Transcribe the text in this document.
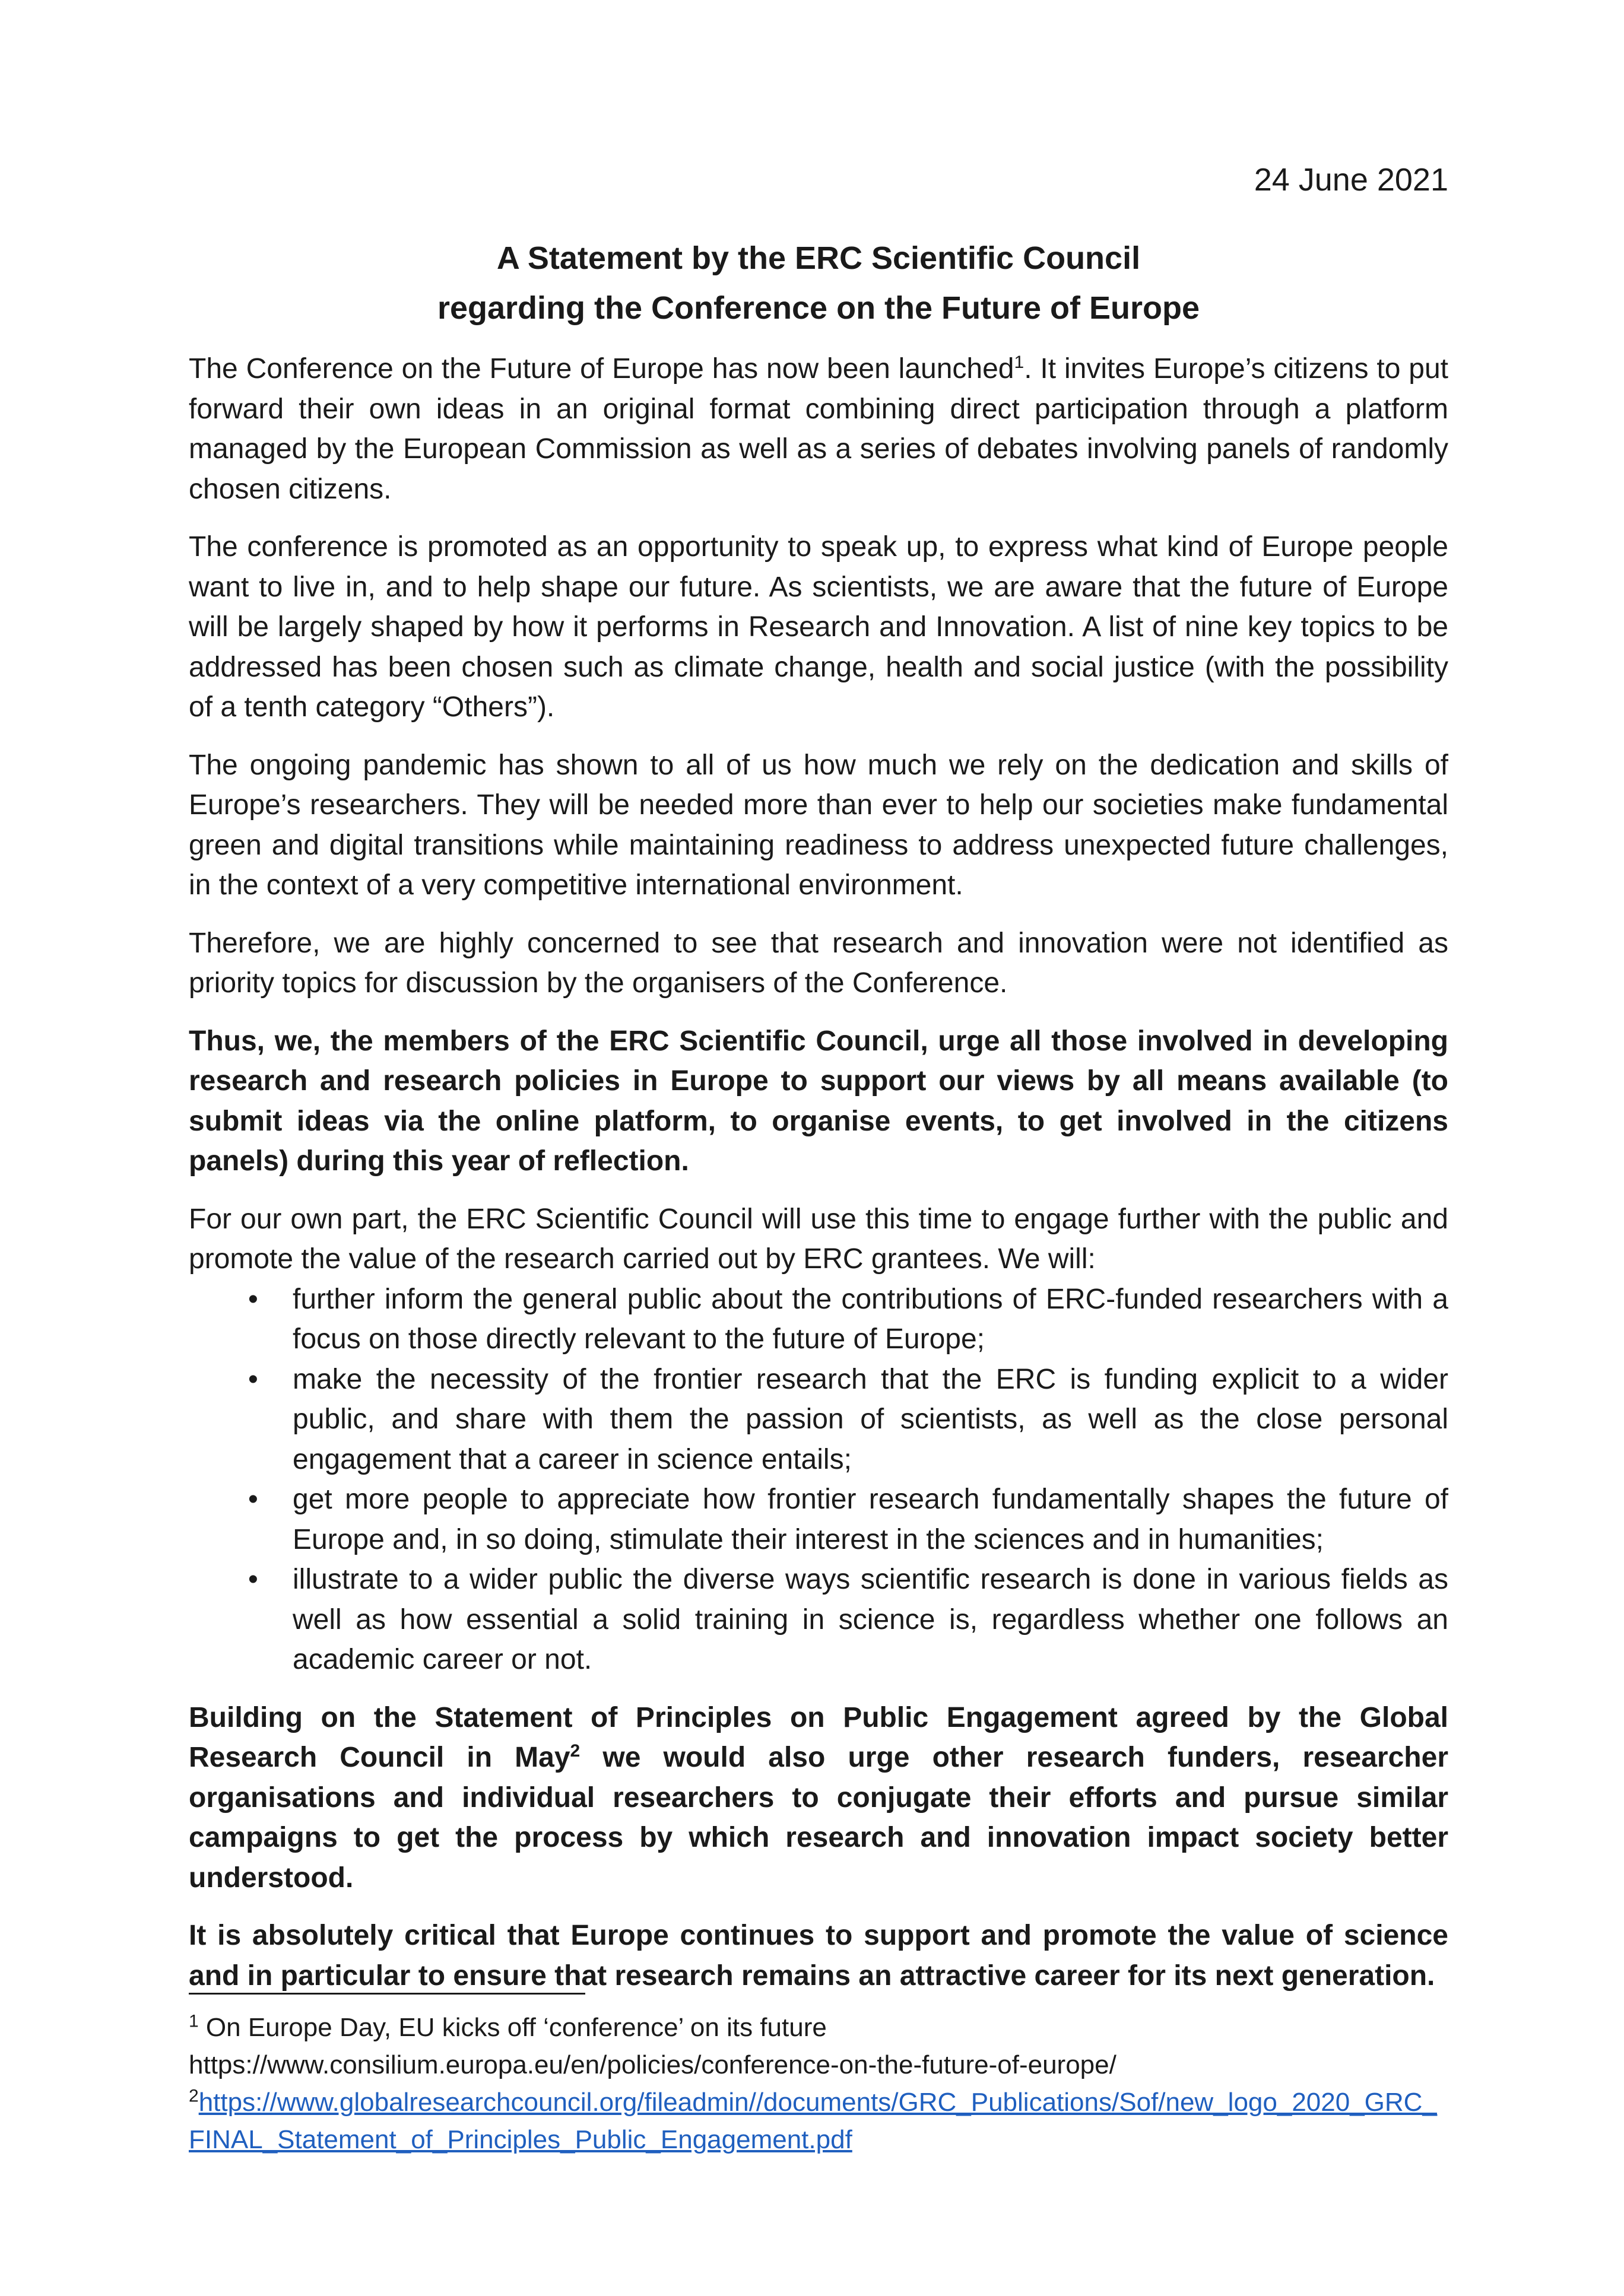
24 June 2021
A Statement by the ERC Scientific Council
regarding the Conference on the Future of Europe

The Conference on the Future of Europe has now been launched$^1$. It invites Europe’s citizens to put forward their own ideas in an original format combining direct participation through a platform managed by the European Commission as well as a series of debates involving panels of randomly chosen citizens.

The conference is promoted as an opportunity to speak up, to express what kind of Europe people want to live in, and to help shape our future. As scientists, we are aware that the future of Europe will be largely shaped by how it performs in Research and Innovation. A list of nine key topics to be addressed has been chosen such as climate change, health and social justice (with the possibility of a tenth category “Others”).

The ongoing pandemic has shown to all of us how much we rely on the dedication and skills of Europe’s researchers. They will be needed more than ever to help our societies make fundamental green and digital transitions while maintaining readiness to address unexpected future challenges, in the context of a very competitive international environment.

Therefore, we are highly concerned to see that research and innovation were not identified as priority topics for discussion by the organisers of the Conference.

Thus, we, the members of the ERC Scientific Council, urge all those involved in developing research and research policies in Europe to support our views by all means available (to submit ideas via the online platform, to organise events, to get involved in the citizens panels) during this year of reflection.

For our own part, the ERC Scientific Council will use this time to engage further with the public and promote the value of the research carried out by ERC grantees. We will:

• further inform the general public about the contributions of ERC-funded researchers with a focus on those directly relevant to the future of Europe;
• make the necessity of the frontier research that the ERC is funding explicit to a wider public, and share with them the passion of scientists, as well as the close personal engagement that a career in science entails;
• get more people to appreciate how frontier research fundamentally shapes the future of Europe and, in so doing, stimulate their interest in the sciences and in humanities;
• illustrate to a wider public the diverse ways scientific research is done in various fields as well as how essential a solid training in science is, regardless whether one follows an academic career or not.

Building on the Statement of Principles on Public Engagement agreed by the Global Research Council in May$^2$ we would also urge other research funders, researcher organisations and individual researchers to conjugate their efforts and pursue similar campaigns to get the process by which research and innovation impact society better understood.

It is absolutely critical that Europe continues to support and promote the value of science and in particular to ensure that research remains an attractive career for its next generation.

$^1$ On Europe Day, EU kicks off ‘conference’ on its future

https://www.consilium.europa.eu/en/policies/conference-on-the-future-of-europe/

$^2$https://www.globalresearchcouncil.org/fileadmin//documents/GRC_Publications/Sof/new_logo_2020_GRC_FINAL_Statement_of_Principles_Public_Engagement.pdf
